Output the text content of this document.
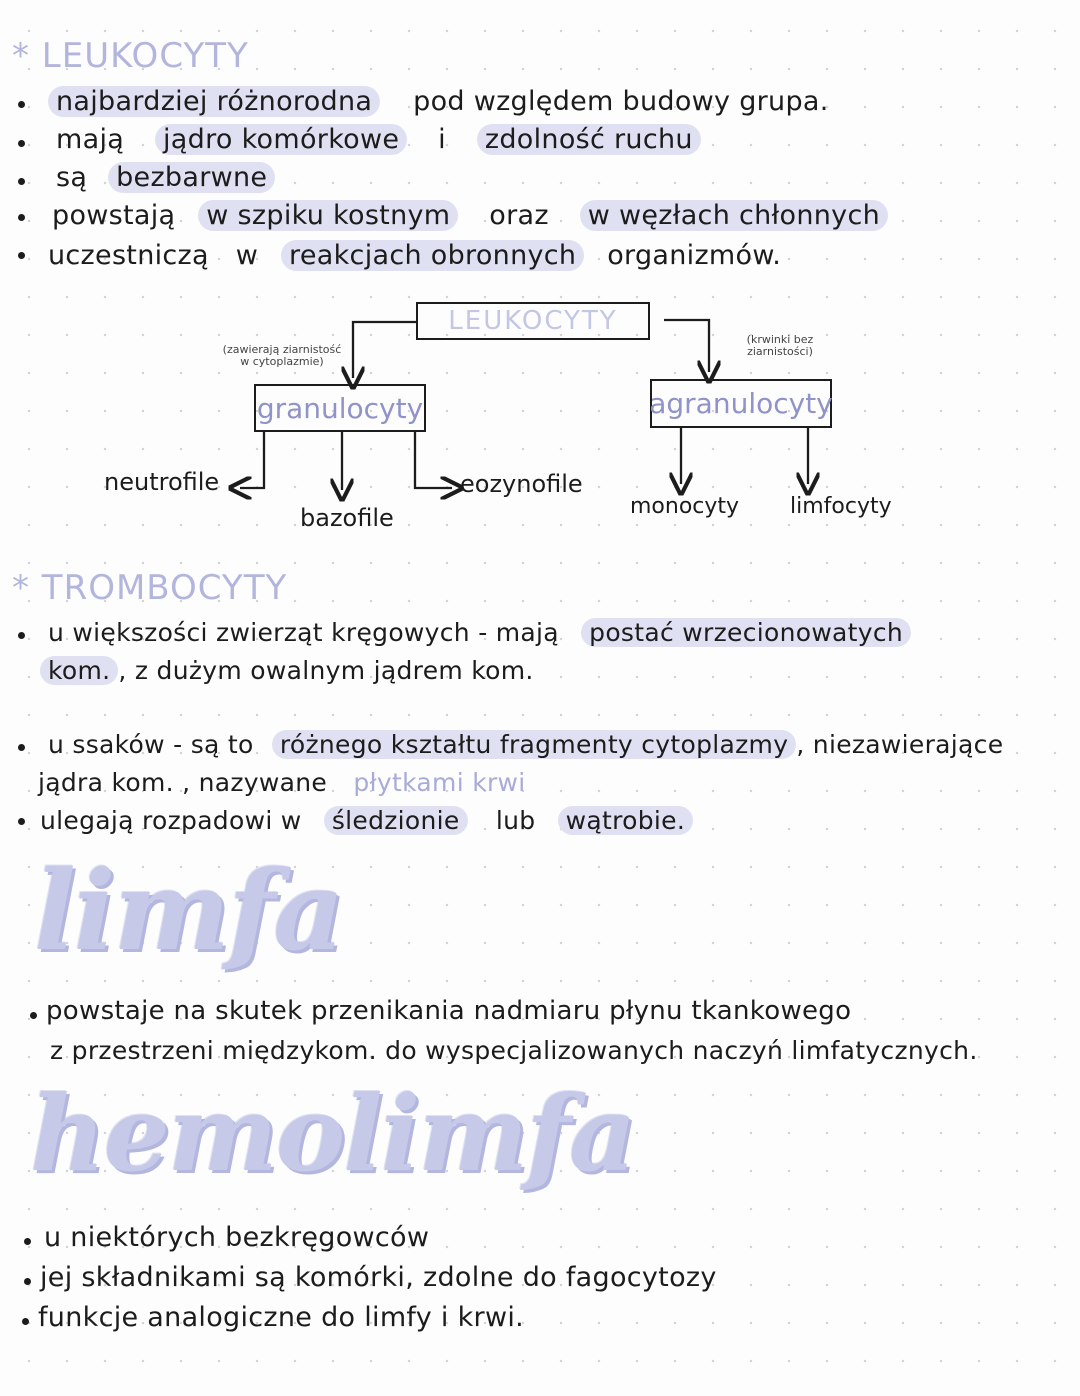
* LEUKOCYTY
najbardziej różnorodna pod względem budowy grupa.
mają jądro komórkowe i zdolność ruchu
są bezbarwne
powstają w szpiku kostnym oraz w węzłach chłonnych
uczestniczą w reakcjach obronnych organizmów.
LEUKOCYTY
(zawierają ziarnistość w cytoplazmie)
(krwinki bez ziarnistości)
granulocyty	agranulocyty
neutrofile
bazofile
eozynofile
monocyty limfocyty
* TROMBOCYTY
u większości zwierząt kręgowych - mają postać wrzecionowatych
kom. , z dużym owalnym jądrem kom.
u ssaków - są to różnego kształtu fragmenty cytoplazmy , niezawierające
jądra kom. , nazywane płytkami krwi
ulegają rozpadowi w śledzionie lub wątrobie.
limfa
powstaje na skutek przenikania nadmiaru płynu tkankowego
z przestrzeni międzykom. do wyspecjalizowanych naczyń limfatycznych.
hemolimfa
u niektórych bezkręgowców
jej składnikami są komórki, zdolne do fagocytozy
funkcje analogiczne do limfy i krwi.
